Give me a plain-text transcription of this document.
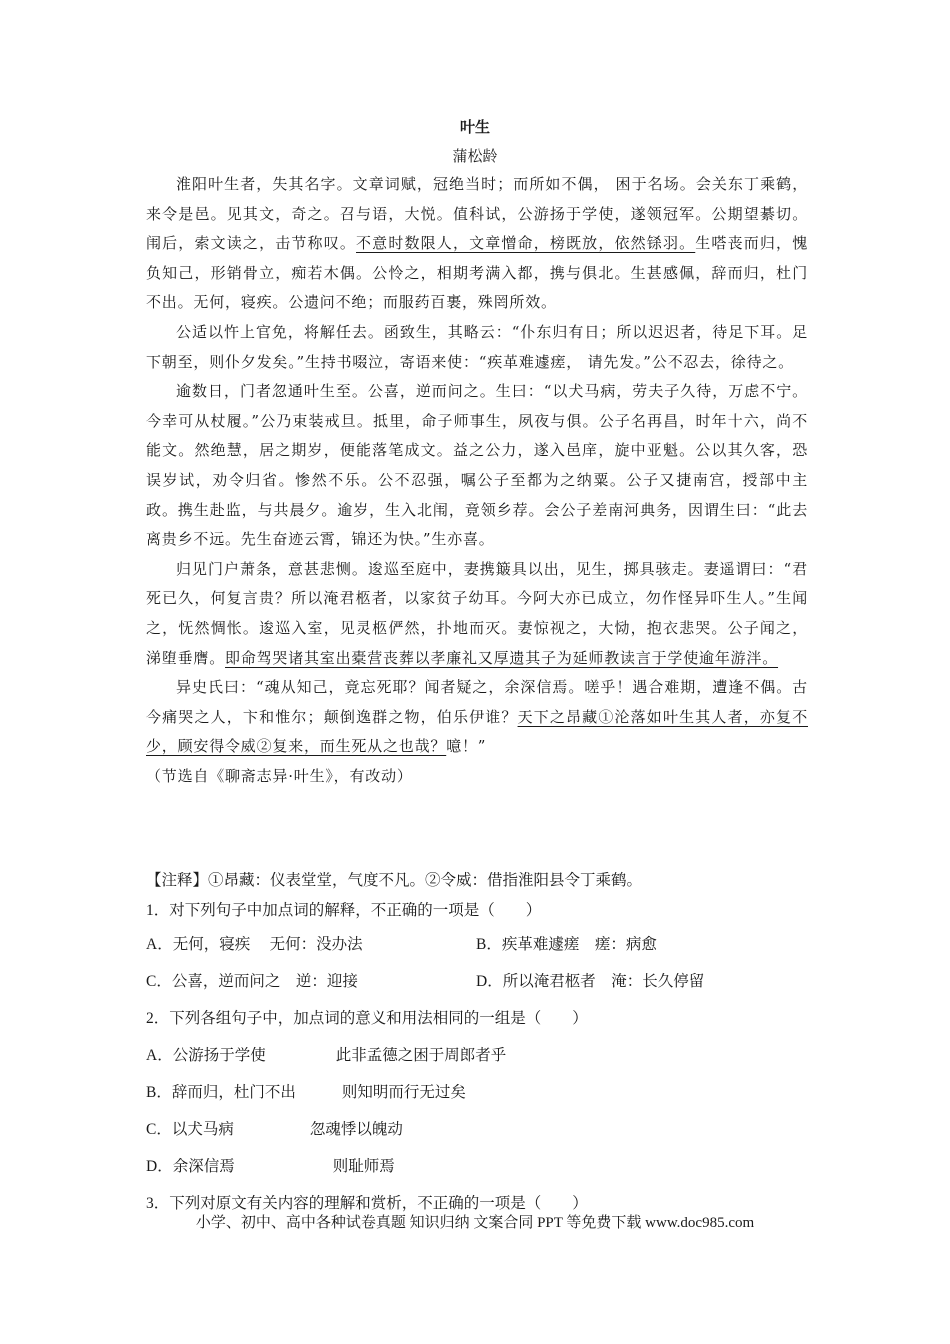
叶生
蒲松龄

淮阳叶生者，失其名字。文章词赋，冠绝当时；而所如不偶， 困于名场。会关东丁乘鹤，来令是邑。见其文，奇之。召与语，大悦。值科试，公游扬于学使，遂领冠军。公期望綦切。闱后，索文读之，击节称叹。不意时数限人，文章憎命，榜既放，依然铩羽。生嗒丧而归，愧负知己，形销骨立，痴若木偶。公怜之，相期考满入都，携与俱北。生甚感佩，辞而归，杜门不出。无何，寝疾。公遗问不绝；而服药百裹，殊罔所效。

公适以忤上官免，将解任去。函致生，其略云：“仆东归有日；所以迟迟者，待足下耳。足下朝至，则仆夕发矣。”生持书啜泣，寄语来使：“疾革难遽瘥， 请先发。”公不忍去，徐待之。

逾数日，门者忽通叶生至。公喜，逆而问之。生曰：“以犬马病，劳夫子久待，万虑不宁。今幸可从杖履。”公乃束装戒旦。抵里，命子师事生，夙夜与俱。公子名再昌，时年十六，尚不能文。然绝慧，居之期岁，便能落笔成文。益之公力，遂入邑庠，旋中亚魁。公以其久客，恐误岁试，劝令归省。惨然不乐。公不忍强，嘱公子至都为之纳粟。公子又捷南宫，授部中主政。携生赴监，与共晨夕。逾岁，生入北闱，竟领乡荐。会公子差南河典务，因谓生曰：“此去离贵乡不远。先生奋迹云霄，锦还为快。”生亦喜。

归见门户萧条，意甚悲恻。逡巡至庭中，妻携簸具以出，见生，掷具骇走。妻遥谓曰：“君死已久，何复言贵？所以淹君柩者，以家贫子幼耳。今阿大亦已成立，勿作怪异吓生人。”生闻之，怃然惆怅。逡巡入室，见灵柩俨然，扑地而灭。妻惊视之，大恸，抱衣悲哭。公子闻之，涕堕垂膺。即命驾哭诸其室出橐营丧葬以孝廉礼又厚遗其子为延师教读言于学使逾年游泮。

异史氏曰：“魂从知己，竟忘死耶？闻者疑之，余深信焉。嗟乎！遇合难期，遭逢不偶。古今痛哭之人，卞和惟尔；颠倒逸群之物，伯乐伊谁？天下之昂藏①沦落如叶生其人者，亦复不少，顾安得令威②复来，而生死从之也哉？噫！”

（节选自《聊斋志异·叶生》，有改动）

【注释】①昂藏：仪表堂堂，气度不凡。②令威：借指淮阳县令丁乘鹤。
1．对下列句子中加点词的解释，不正确的一项是（　　）
A．无何，寝疾　 无何：没办法	B．疾革难遽瘥　瘥：病愈
C．公喜，逆而问之　逆：迎接	D．所以淹君柩者　淹：长久停留
2．下列各组句子中，加点词的意义和用法相同的一组是（　　）
A．公游扬于学使	此非孟德之困于周郎者乎
B．辞而归，杜门不出	则知明而行无过矣
C．以犬马病	忽魂悸以魄动
D．余深信焉	则耻师焉
3．下列对原文有关内容的理解和赏析，不正确的一项是（　　）
小学、初中、高中各种试卷真题 知识归纳 文案合同 PPT 等免费下载 www.doc985.com
